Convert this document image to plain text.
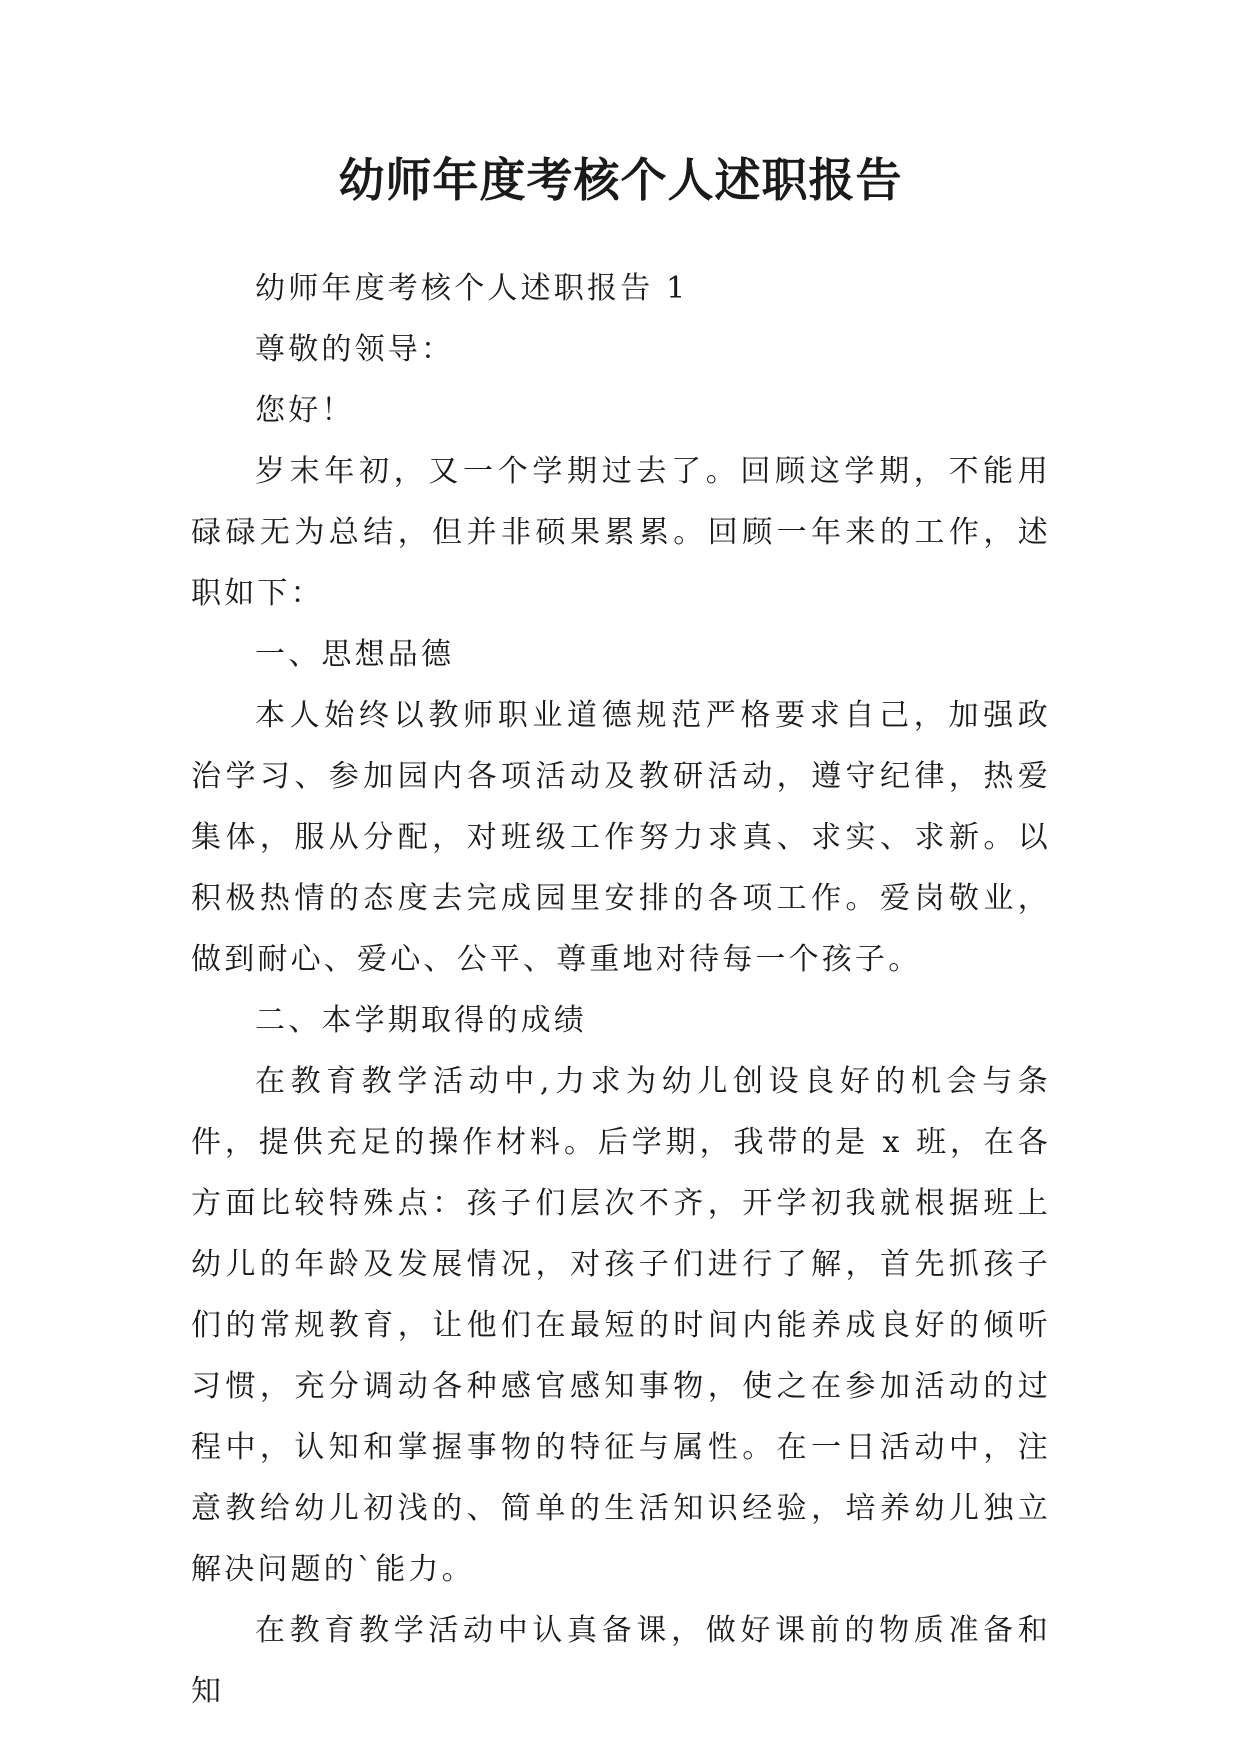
幼师年度考核个人述职报告

幼师年度考核个人述职报告 1

尊敬的领导：

您好！

岁末年初，又一个学期过去了。回顾这学期，不能用碌碌无为总结，但并非硕果累累。回顾一年来的工作，述职如下：

一、思想品德

本人始终以教师职业道德规范严格要求自己，加强政治学习、参加园内各项活动及教研活动，遵守纪律，热爱集体，服从分配，对班级工作努力求真、求实、求新。以积极热情的态度去完成园里安排的各项工作。爱岗敬业，做到耐心、爱心、公平、尊重地对待每一个孩子。

二、本学期取得的成绩

在教育教学活动中,力求为幼儿创设良好的机会与条件，提供充足的操作材料。后学期，我带的是 x 班，在各方面比较特殊点：孩子们层次不齐，开学初我就根据班上幼儿的年龄及发展情况，对孩子们进行了解，首先抓孩子们的常规教育，让他们在最短的时间内能养成良好的倾听习惯，充分调动各种感官感知事物，使之在参加活动的过程中，认知和掌握事物的特征与属性。在一日活动中，注意教给幼儿初浅的、简单的生活知识经验，培养幼儿独立解决问题的`能力。

在教育教学活动中认真备课，做好课前的物质准备和知
